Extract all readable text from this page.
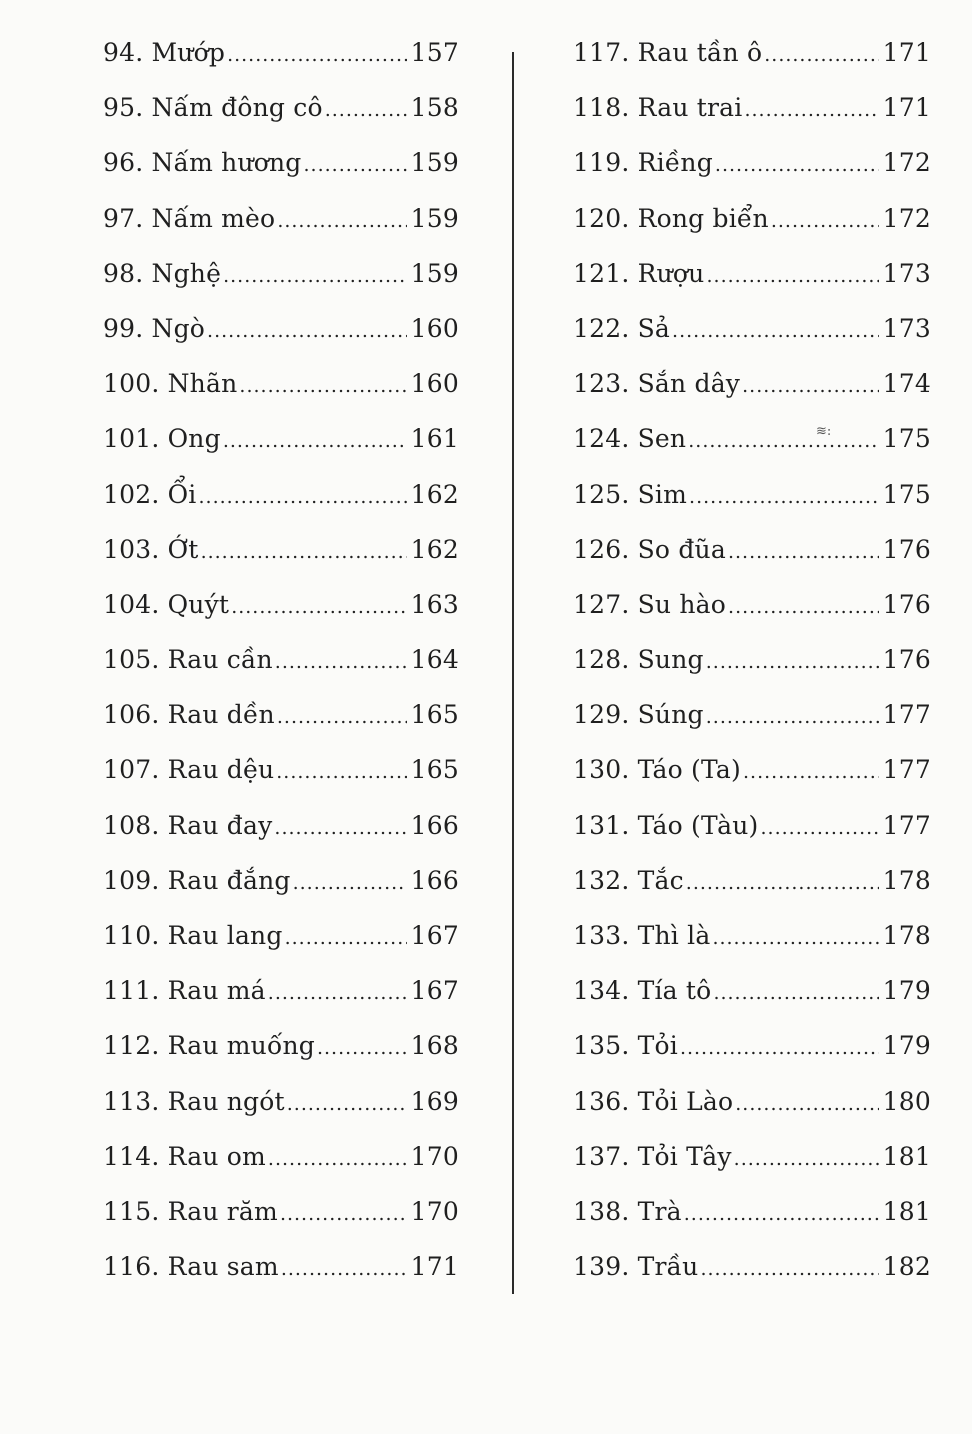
94. Mướp .....	157
95. Nấm đông cô .....	158
96. Nấm hương .....	159
97. Nấm mèo .....	159
98. Nghệ .....	159
99. Ngò .....	160
100. Nhãn .....	160
101. Ong .....	161
102. Ổi .....	162
103. Ớt .....	162
104. Quýt .....	163
105. Rau cần .....	164
106. Rau dền .....	165
107. Rau dệu .....	165
108. Rau đay .....	166
109. Rau đắng .....	166
110. Rau lang .....	167
111. Rau má .....	167
112. Rau muống .....	168
113. Rau ngót .....	169
114. Rau om .....	170
115. Rau răm .....	170
116. Rau sam .....	171
117. Rau tần ô .....	171
118. Rau trai .....	171
119. Riềng .....	172
120. Rong biển .....	172
121. Rượu .....	173
122. Sả .....	173
123. Sắn dây .....	174
124. Sen .....	175
125. Sim .....	175
126. So đũa .....	176
127. Su hào .....	176
128. Sung .....	176
129. Súng .....	177
130. Táo (Ta) .....	177
131. Táo (Tàu) .....	177
132. Tắc .....	178
133. Thì là .....	178
134. Tía tô .....	179
135. Tỏi .....	179
136. Tỏi Lào .....	180
137. Tỏi Tây .....	181
138. Trà .....	181
139. Trầu .....	182
≋:
